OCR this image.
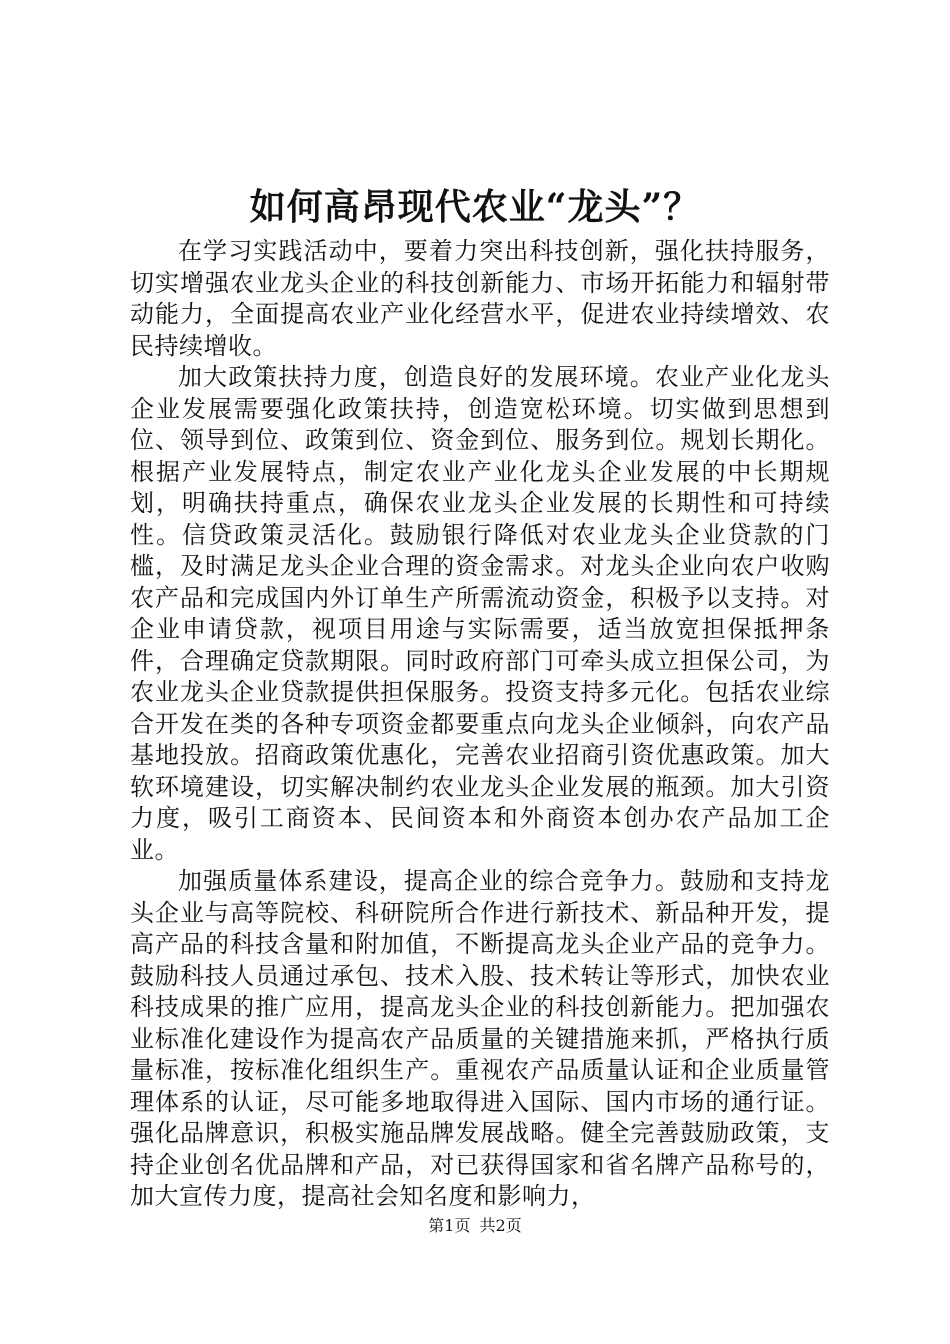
如何高昂现代农业“龙头”？

在学习实践活动中，要着力突出科技创新，强化扶持服务，切实增强农业龙头企业的科技创新能力、市场开拓能力和辐射带动能力，全面提高农业产业化经营水平，促进农业持续增效、农民持续增收。

加大政策扶持力度，创造良好的发展环境。农业产业化龙头企业发展需要强化政策扶持，创造宽松环境。切实做到思想到位、领导到位、政策到位、资金到位、服务到位。规划长期化。根据产业发展特点，制定农业产业化龙头企业发展的中长期规划，明确扶持重点，确保农业龙头企业发展的长期性和可持续性。信贷政策灵活化。鼓励银行降低对农业龙头企业贷款的门槛，及时满足龙头企业合理的资金需求。对龙头企业向农户收购农产品和完成国内外订单生产所需流动资金，积极予以支持。对企业申请贷款，视项目用途与实际需要，适当放宽担保抵押条件，合理确定贷款期限。同时政府部门可牵头成立担保公司，为农业龙头企业贷款提供担保服务。投资支持多元化。包括农业综合开发在类的各种专项资金都要重点向龙头企业倾斜，向农产品基地投放。招商政策优惠化，完善农业招商引资优惠政策。加大软环境建设，切实解决制约农业龙头企业发展的瓶颈。加大引资力度，吸引工商资本、民间资本和外商资本创办农产品加工企业。

加强质量体系建设，提高企业的综合竞争力。鼓励和支持龙头企业与高等院校、科研院所合作进行新技术、新品种开发，提高产品的科技含量和附加值，不断提高龙头企业产品的竞争力。鼓励科技人员通过承包、技术入股、技术转让等形式，加快农业科技成果的推广应用，提高龙头企业的科技创新能力。把加强农业标准化建设作为提高农产品质量的关键措施来抓，严格执行质量标准，按标准化组织生产。重视农产品质量认证和企业质量管理体系的认证，尽可能多地取得进入国际、国内市场的通行证。强化品牌意识，积极实施品牌发展战略。健全完善鼓励政策，支持企业创名优品牌和产品，对已获得国家和省名牌产品称号的，加大宣传力度，提高社会知名度和影响力，

第1页 共2页
